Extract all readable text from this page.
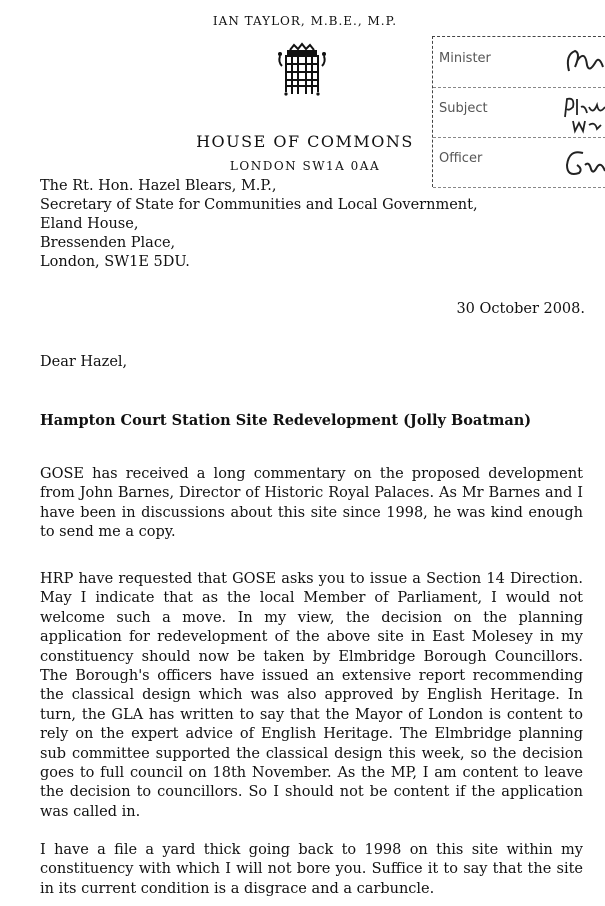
IAN TAYLOR, M.B.E., M.P.
HOUSE OF COMMONS
LONDON SW1A 0AA
Minister
Subject
Officer
The Rt. Hon. Hazel Blears, M.P.,
Secretary of State for Communities and Local Government,
Eland House,
Bressenden Place,
London, SW1E 5DU.
30 October 2008.
Dear Hazel,
Hampton Court Station Site Redevelopment (Jolly Boatman)
GOSE has received a long commentary on the proposed development from John Barnes, Director of Historic Royal Palaces. As Mr Barnes and I have been in discussions about this site since 1998, he was kind enough to send me a copy.
HRP have requested that GOSE asks you to issue a Section 14 Direction. May I indicate that as the local Member of Parliament, I would not welcome such a move. In my view, the decision on the planning application for redevelopment of the above site in East Molesey in my constituency should now be taken by Elmbridge Borough Councillors. The Borough's officers have issued an extensive report recommending the classical design which was also approved by English Heritage. In turn, the GLA has written to say that the Mayor of London is content to rely on the expert advice of English Heritage. The Elmbridge planning sub committee supported the classical design this week, so the decision goes to full council on 18th November. As the MP, I am content to leave the decision to councillors. So I should not be content if the application was called in.
I have a file a yard thick going back to 1998 on this site within my constituency with which I will not bore you. Suffice it to say that the site in its current condition is a disgrace and a carbuncle.
